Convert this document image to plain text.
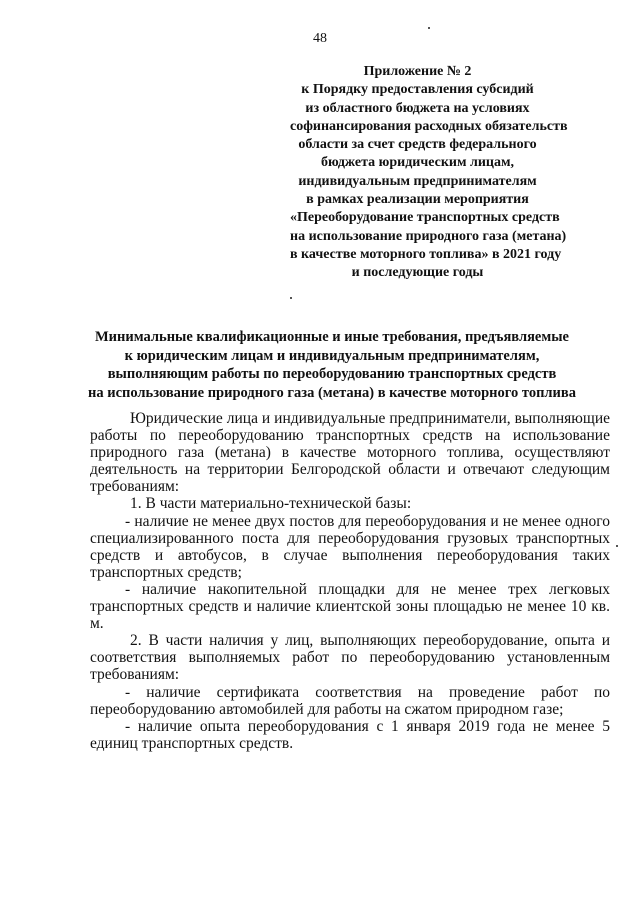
48
Приложение № 2
к Порядку предоставления субсидий
из областного бюджета на условиях
софинансирования расходных обязательств
области за счет средств федерального
бюджета юридическим лицам,
индивидуальным предпринимателям
в рамках реализации мероприятия
«Переоборудование транспортных средств
на использование природного газа (метана)
в качестве моторного топлива» в 2021 году
и последующие годы
Минимальные квалификационные и иные требования, предъявляемые
к юридическим лицам и индивидуальным предпринимателям,
выполняющим работы по переоборудованию транспортных средств
на использование природного газа (метана) в качестве моторного топлива

Юридические лица и индивидуальные предприниматели, выполняющие работы по переоборудованию транспортных средств на использование природного газа (метана) в качестве моторного топлива, осуществляют деятельность на территории Белгородской области и отвечают следующим требованиям:

1. В части материально-технической базы:

- наличие не менее двух постов для переоборудования и не менее одного специализированного поста для переоборудования грузовых транспортных средств и автобусов, в случае выполнения переоборудования таких транспортных средств;

- наличие накопительной площадки для не менее трех легковых транспортных средств и наличие клиентской зоны площадью не менее 10 кв. м.

2. В части наличия у лиц, выполняющих переоборудование, опыта и соответствия выполняемых работ по переоборудованию установленным требованиям:

- наличие сертификата соответствия на проведение работ по переоборудованию автомобилей для работы на сжатом природном газе;

- наличие опыта переоборудования с 1 января 2019 года не менее 5 единиц транспортных средств.
